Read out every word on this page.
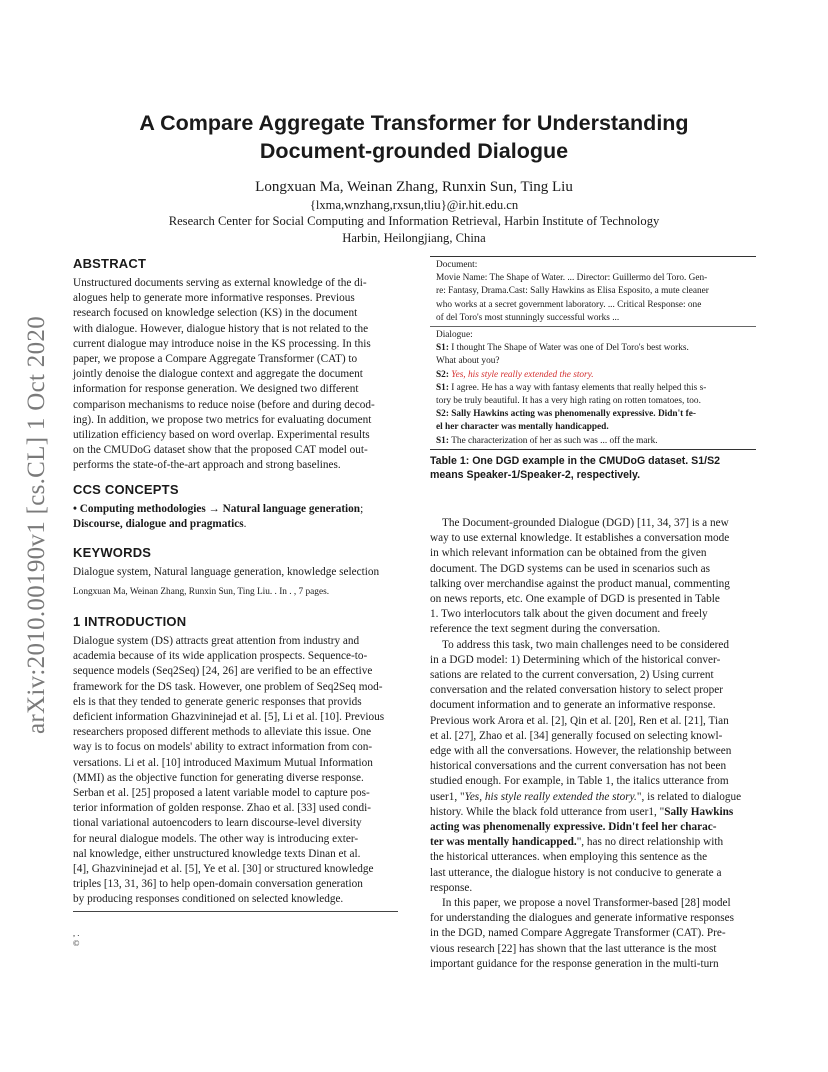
arXiv:2010.00190v1 [cs.CL] 1 Oct 2020
A Compare Aggregate Transformer for Understanding
Document-grounded Dialogue
Longxuan Ma, Weinan Zhang, Runxin Sun, Ting Liu
{lxma,wnzhang,rxsun,tliu}@ir.hit.edu.cn
Research Center for Social Computing and Information Retrieval, Harbin Institute of Technology
Harbin, Heilongjiang, China
ABSTRACT
Unstructured documents serving as external knowledge of the di-
alogues help to generate more informative responses. Previous
research focused on knowledge selection (KS) in the document
with dialogue. However, dialogue history that is not related to the
current dialogue may introduce noise in the KS processing. In this
paper, we propose a Compare Aggregate Transformer (CAT) to
jointly denoise the dialogue context and aggregate the document
information for response generation. We designed two different
comparison mechanisms to reduce noise (before and during decod-
ing). In addition, we propose two metrics for evaluating document
utilization efficiency based on word overlap. Experimental results
on the CMUDoG dataset show that the proposed CAT model out-
performs the state-of-the-art approach and strong baselines.
CCS CONCEPTS
• Computing methodologies → Natural language generation;
Discourse, dialogue and pragmatics.
KEYWORDS
Dialogue system, Natural language generation, knowledge selection
Longxuan Ma, Weinan Zhang, Runxin Sun, Ting Liu. . In . , 7 pages.
1 INTRODUCTION
Dialogue system (DS) attracts great attention from industry and
academia because of its wide application prospects. Sequence-to-
sequence models (Seq2Seq) [24, 26] are verified to be an effective
framework for the DS task. However, one problem of Seq2Seq mod-
els is that they tended to generate generic responses that provids
deficient information Ghazvininejad et al. [5], Li et al. [10]. Previous
researchers proposed different methods to alleviate this issue. One
way is to focus on models' ability to extract information from con-
versations. Li et al. [10] introduced Maximum Mutual Information
(MMI) as the objective function for generating diverse response.
Serban et al. [25] proposed a latent variable model to capture pos-
terior information of golden response. Zhao et al. [33] used condi-
tional variational autoencoders to learn discourse-level diversity
for neural dialogue models. The other way is introducing exter-
nal knowledge, either unstructured knowledge texts Dinan et al.
[4], Ghazvininejad et al. [5], Ye et al. [30] or structured knowledge
triples [13, 31, 36] to help open-domain conversation generation
by producing responses conditioned on selected knowledge.
, .
©
Document:
Movie Name: The Shape of Water. ... Director: Guillermo del Toro. Gen-
re: Fantasy, Drama.Cast: Sally Hawkins as Elisa Esposito, a mute cleaner
who works at a secret government laboratory. ... Critical Response: one
of del Toro's most stunningly successful works ...
Dialogue:
S1: I thought The Shape of Water was one of Del Toro's best works.
What about you?
S2: Yes, his style really extended the story.
S1: I agree. He has a way with fantasy elements that really helped this s-
tory be truly beautiful. It has a very high rating on rotten tomatoes, too.
S2: Sally Hawkins acting was phenomenally expressive. Didn't fe-
el her character was mentally handicapped.
S1: The characterization of her as such was ... off the mark.
Table 1: One DGD example in the CMUDoG dataset. S1/S2
means Speaker-1/Speaker-2, respectively.
The Document-grounded Dialogue (DGD) [11, 34, 37] is a new
way to use external knowledge. It establishes a conversation mode
in which relevant information can be obtained from the given
document. The DGD systems can be used in scenarios such as
talking over merchandise against the product manual, commenting
on news reports, etc. One example of DGD is presented in Table
1. Two interlocutors talk about the given document and freely
reference the text segment during the conversation.
To address this task, two main challenges need to be considered
in a DGD model: 1) Determining which of the historical conver-
sations are related to the current conversation, 2) Using current
conversation and the related conversation history to select proper
document information and to generate an informative response.
Previous work Arora et al. [2], Qin et al. [20], Ren et al. [21], Tian
et al. [27], Zhao et al. [34] generally focused on selecting knowl-
edge with all the conversations. However, the relationship between
historical conversations and the current conversation has not been
studied enough. For example, in Table 1, the italics utterance from
user1, "Yes, his style really extended the story.", is related to dialogue
history. While the black fold utterance from user1, "Sally Hawkins
acting was phenomenally expressive. Didn't feel her charac-
ter was mentally handicapped.", has no direct relationship with
the historical utterances. when employing this sentence as the
last utterance, the dialogue history is not conducive to generate a
response.
In this paper, we propose a novel Transformer-based [28] model
for understanding the dialogues and generate informative responses
in the DGD, named Compare Aggregate Transformer (CAT). Pre-
vious research [22] has shown that the last utterance is the most
important guidance for the response generation in the multi-turn
